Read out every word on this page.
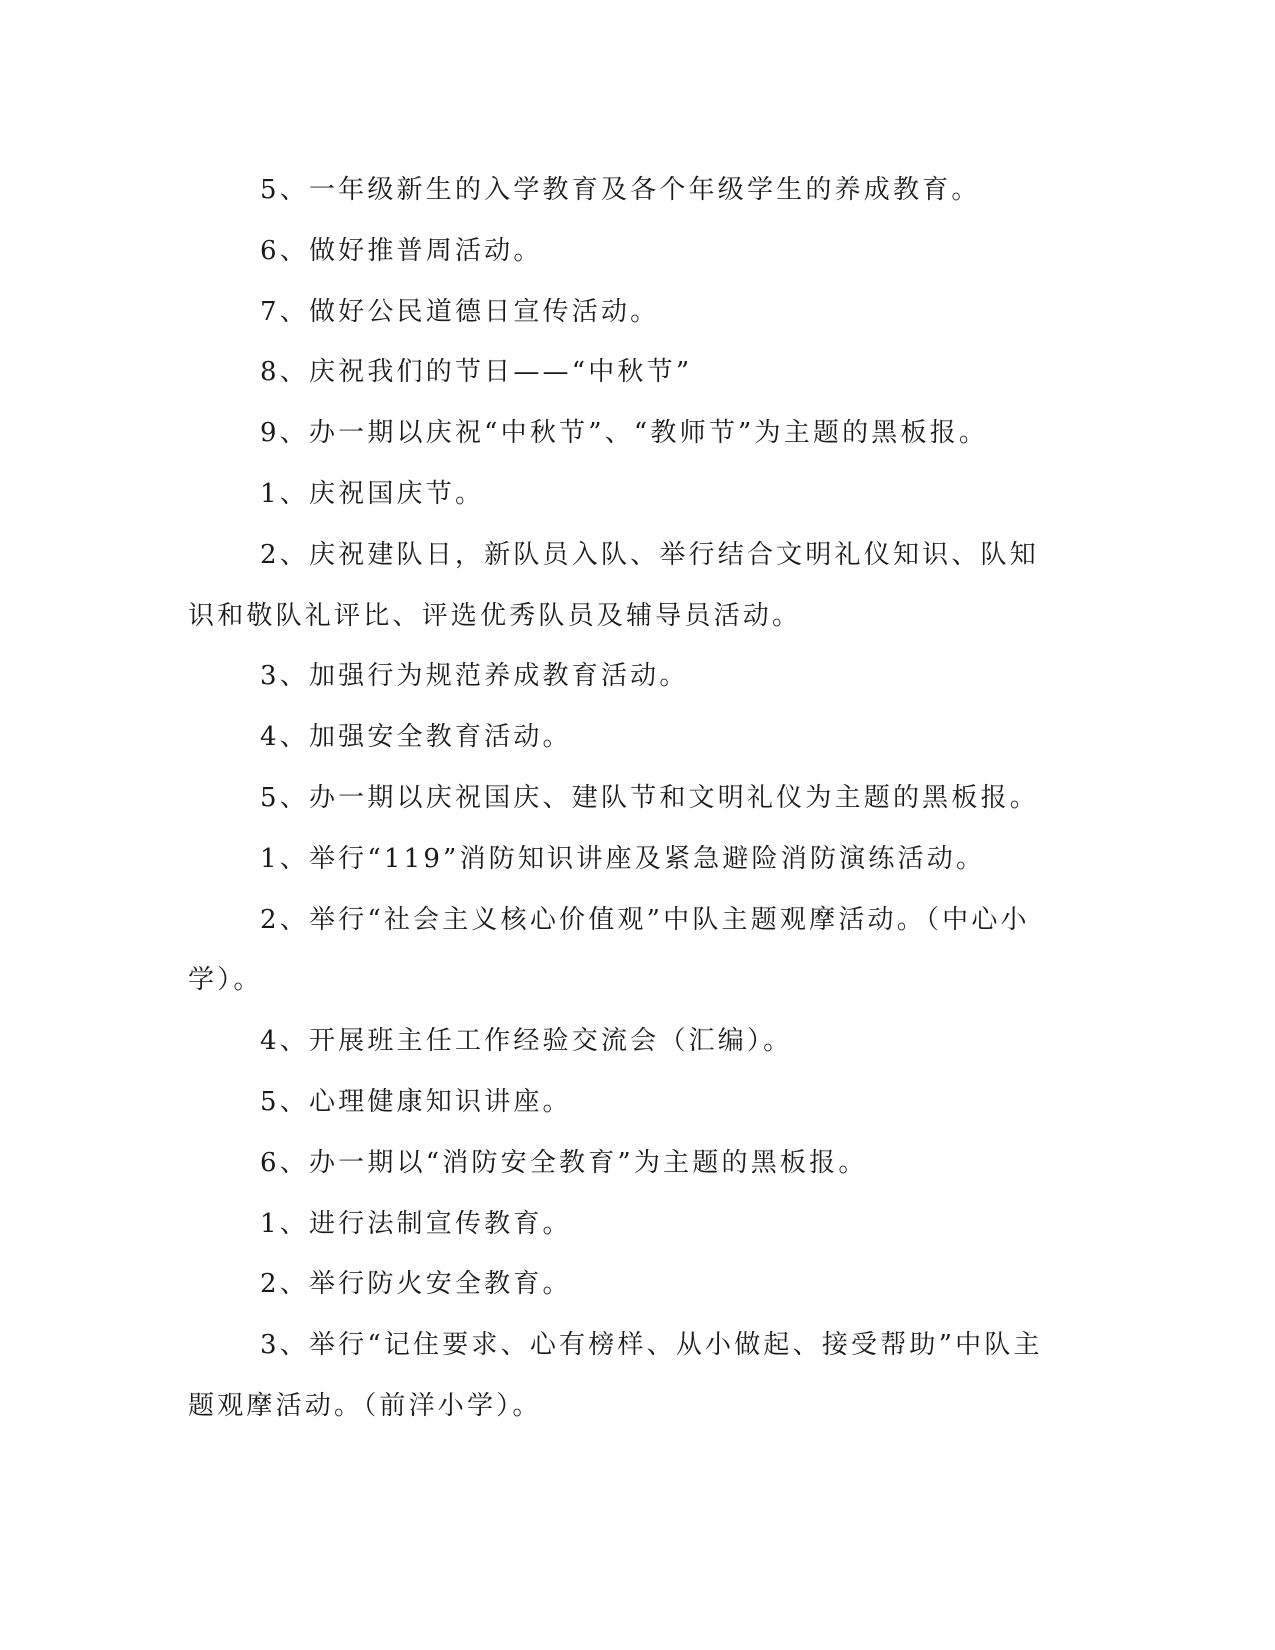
5、一年级新生的入学教育及各个年级学生的养成教育。

6、做好推普周活动。

7、做好公民道德日宣传活动。

8、庆祝我们的节日——“中秋节”

9、办一期以庆祝“中秋节”、“教师节”为主题的黑板报。

1、庆祝国庆节。

2、庆祝建队日，新队员入队、举行结合文明礼仪知识、队知识和敬队礼评比、评选优秀队员及辅导员活动。

3、加强行为规范养成教育活动。

4、加强安全教育活动。

5、办一期以庆祝国庆、建队节和文明礼仪为主题的黑板报。

1、举行“119”消防知识讲座及紧急避险消防演练活动。

2、举行“社会主义核心价值观”中队主题观摩活动。（中心小学）。

4、开展班主任工作经验交流会（汇编）。

5、心理健康知识讲座。

6、办一期以“消防安全教育”为主题的黑板报。

1、进行法制宣传教育。

2、举行防火安全教育。

3、举行“记住要求、心有榜样、从小做起、接受帮助”中队主题观摩活动。（前洋小学）。
